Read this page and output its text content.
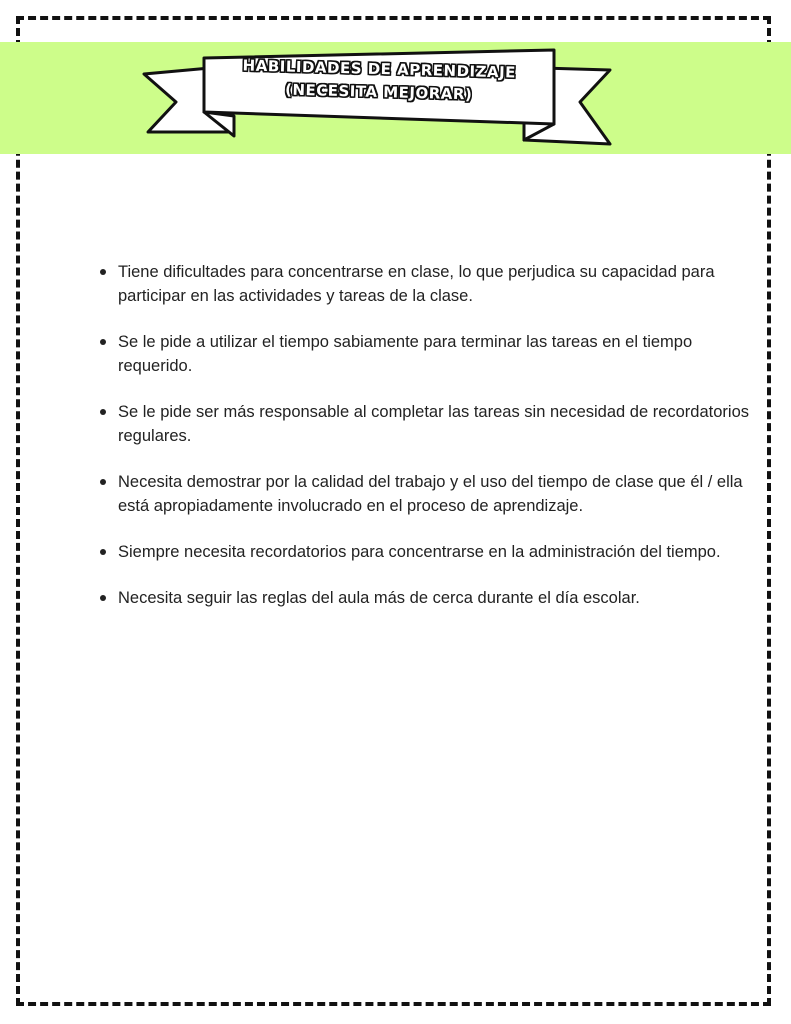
HABILIDADES DE APRENDIZAJE
(NECESITA MEJORAR)
Tiene dificultades para concentrarse en clase, lo que perjudica su capacidad para participar en las actividades y tareas de la clase.
Se le pide a utilizar el tiempo sabiamente para terminar las tareas en el tiempo requerido.
Se le pide ser más responsable al completar las tareas sin necesidad de recordatorios regulares.
Necesita demostrar por la calidad del trabajo y el uso del tiempo de clase que él / ella está apropiadamente involucrado en el proceso de aprendizaje.
Siempre necesita recordatorios para concentrarse en la administración del tiempo.
Necesita seguir las reglas del aula más de cerca durante el día escolar.
